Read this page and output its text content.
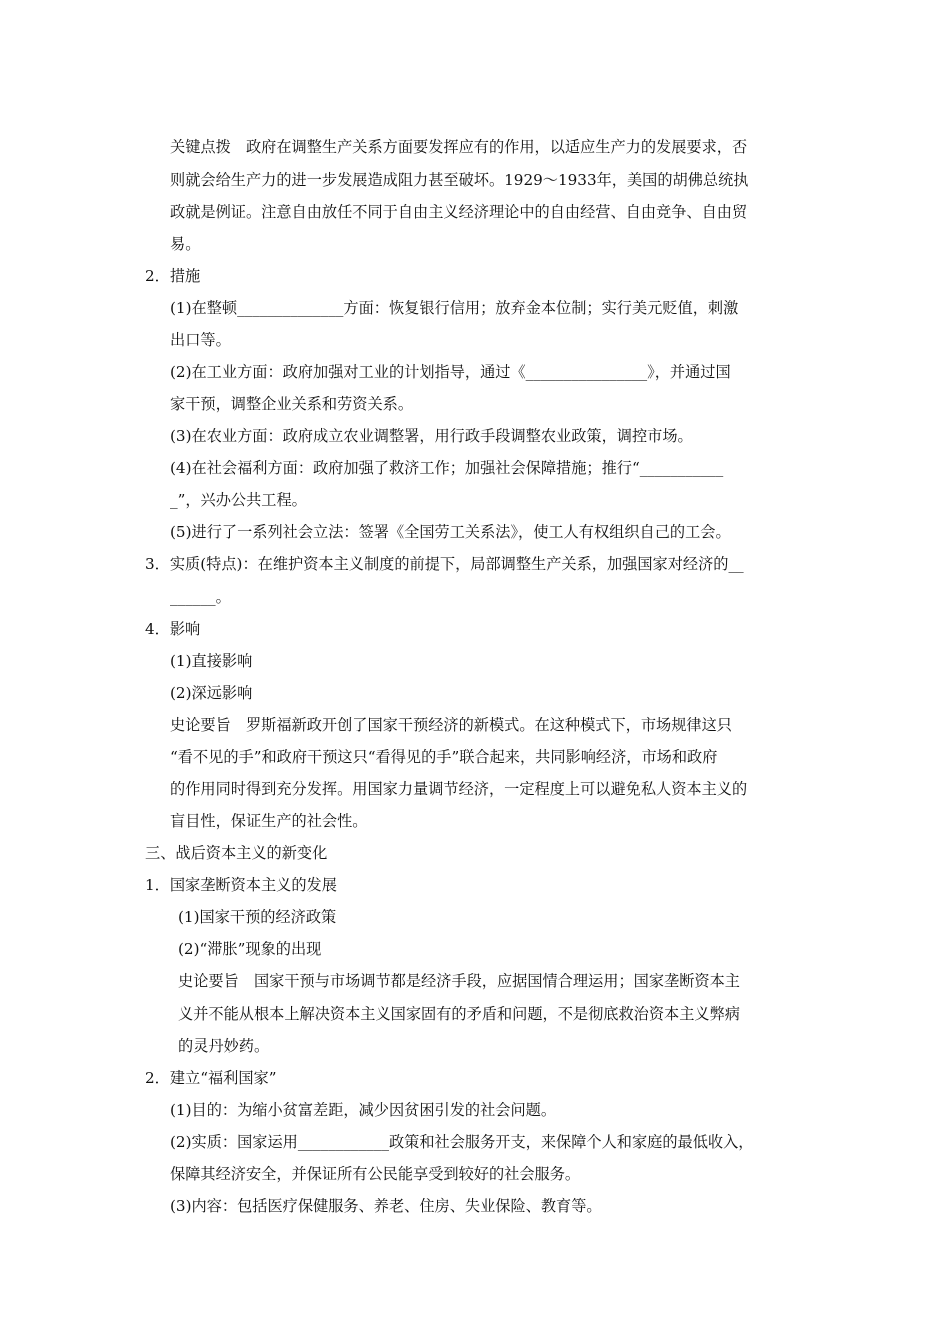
关键点拨　政府在调整生产关系方面要发挥应有的作用，以适应生产力的发展要求，否
则就会给生产力的进一步发展造成阻力甚至破坏。1929～1933年，美国的胡佛总统执
政就是例证。注意自由放任不同于自由主义经济理论中的自由经营、自由竞争、自由贸
易。
2．措施
(1)在整顿______________方面：恢复银行信用；放弃金本位制；实行美元贬值，刺激
出口等。
(2)在工业方面：政府加强对工业的计划指导，通过《________________》，并通过国
家干预，调整企业关系和劳资关系。
(3)在农业方面：政府成立农业调整署，用行政手段调整农业政策，调控市场。
(4)在社会福利方面：政府加强了救济工作；加强社会保障措施；推行“___________
_”，兴办公共工程。
(5)进行了一系列社会立法：签署《全国劳工关系法》，使工人有权组织自己的工会。
3．实质(特点)：在维护资本主义制度的前提下，局部调整生产关系，加强国家对经济的__
______。
4．影响
(1)直接影响
(2)深远影响
史论要旨　罗斯福新政开创了国家干预经济的新模式。在这种模式下，市场规律这只
“看不见的手”和政府干预这只“看得见的手”联合起来，共同影响经济，市场和政府
的作用同时得到充分发挥。用国家力量调节经济，一定程度上可以避免私人资本主义的
盲目性，保证生产的社会性。
三、战后资本主义的新变化
1．国家垄断资本主义的发展
(1)国家干预的经济政策
(2)“滞胀”现象的出现
史论要旨　国家干预与市场调节都是经济手段，应据国情合理运用；国家垄断资本主
义并不能从根本上解决资本主义国家固有的矛盾和问题，不是彻底救治资本主义弊病
的灵丹妙药。
2．建立“福利国家”
(1)目的：为缩小贫富差距，减少因贫困引发的社会问题。
(2)实质：国家运用____________政策和社会服务开支，来保障个人和家庭的最低收入，
保障其经济安全，并保证所有公民能享受到较好的社会服务。
(3)内容：包括医疗保健服务、养老、住房、失业保险、教育等。
